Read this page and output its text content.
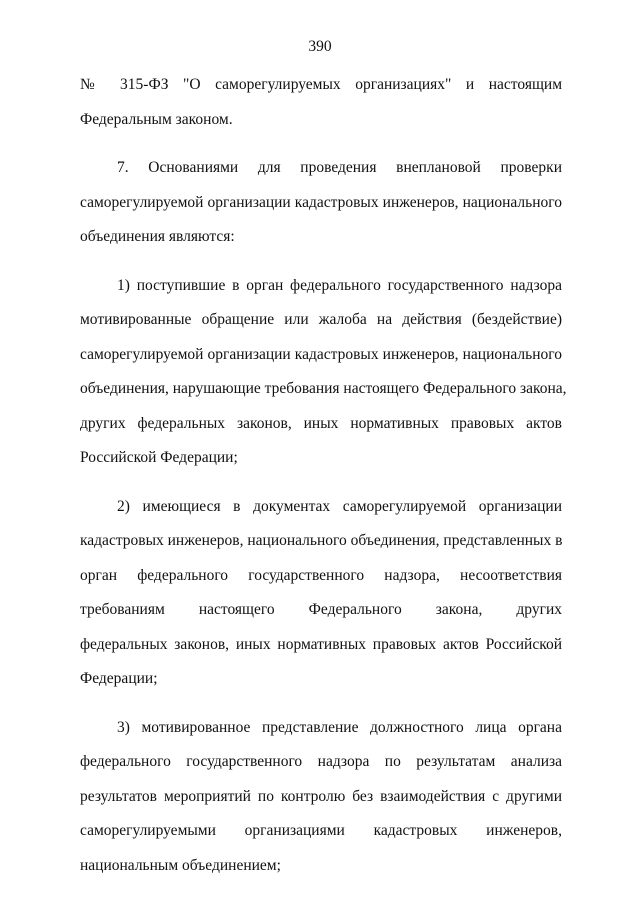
390
№ 315-ФЗ "О саморегулируемых организациях" и настоящим
Федеральным законом.
7. Основаниями для проведения внеплановой проверки
саморегулируемой организации кадастровых инженеров, национального
объединения являются:
1) поступившие в орган федерального государственного надзора
мотивированные обращение или жалоба на действия (бездействие)
саморегулируемой организации кадастровых инженеров, национального
объединения, нарушающие требования настоящего Федерального закона,
других федеральных законов, иных нормативных правовых актов
Российской Федерации;
2) имеющиеся в документах саморегулируемой организации
кадастровых инженеров, национального объединения, представленных в
орган федерального государственного надзора, несоответствия
требованиям настоящего Федерального закона, других
федеральных законов, иных нормативных правовых актов Российской
Федерации;
3) мотивированное представление должностного лица органа
федерального государственного надзора по результатам анализа
результатов мероприятий по контролю без взаимодействия с другими
саморегулируемыми организациями кадастровых инженеров,
национальным объединением;
